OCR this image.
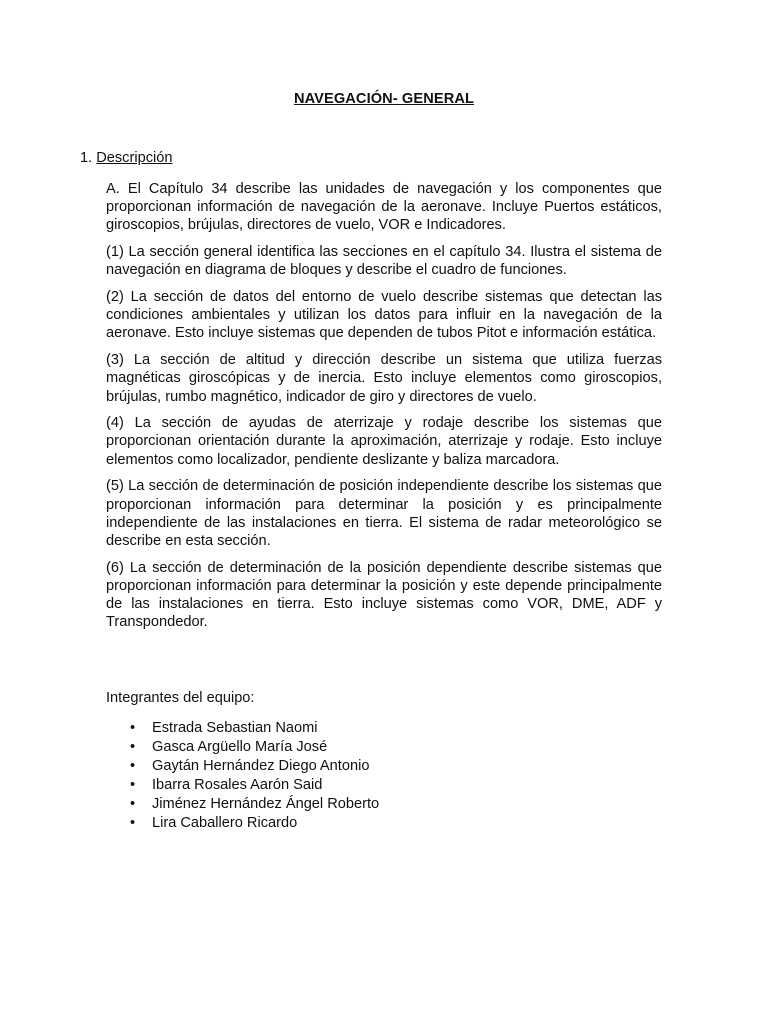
NAVEGACIÓN- GENERAL
1. Descripción

A. El Capítulo 34 describe las unidades de navegación y los componentes que proporcionan información de navegación de la aeronave. Incluye Puertos estáticos, giroscopios, brújulas, directores de vuelo, VOR e Indicadores.

(1) La sección general identifica las secciones en el capítulo 34. Ilustra el sistema de navegación en diagrama de bloques y describe el cuadro de funciones.

(2) La sección de datos del entorno de vuelo describe sistemas que detectan las condiciones ambientales y utilizan los datos para influir en la navegación de la aeronave. Esto incluye sistemas que dependen de tubos Pitot e información estática.

(3) La sección de altitud y dirección describe un sistema que utiliza fuerzas magnéticas giroscópicas y de inercia. Esto incluye elementos como giroscopios, brújulas, rumbo magnético, indicador de giro y directores de vuelo.

(4) La sección de ayudas de aterrizaje y rodaje describe los sistemas que proporcionan orientación durante la aproximación, aterrizaje y rodaje. Esto incluye elementos como localizador, pendiente deslizante y baliza marcadora.

(5) La sección de determinación de posición independiente describe los sistemas que proporcionan información para determinar la posición y es principalmente independiente de las instalaciones en tierra. El sistema de radar meteorológico se describe en esta sección.

(6) La sección de determinación de la posición dependiente describe sistemas que proporcionan información para determinar la posición y este depende principalmente de las instalaciones en tierra. Esto incluye sistemas como VOR, DME, ADF y Transpondedor.

Integrantes del equipo:
• Estrada Sebastian Naomi
• Gasca Argüello María José
• Gaytán Hernández Diego Antonio
• Ibarra Rosales Aarón Said
• Jiménez Hernández Ángel Roberto
• Lira Caballero Ricardo
